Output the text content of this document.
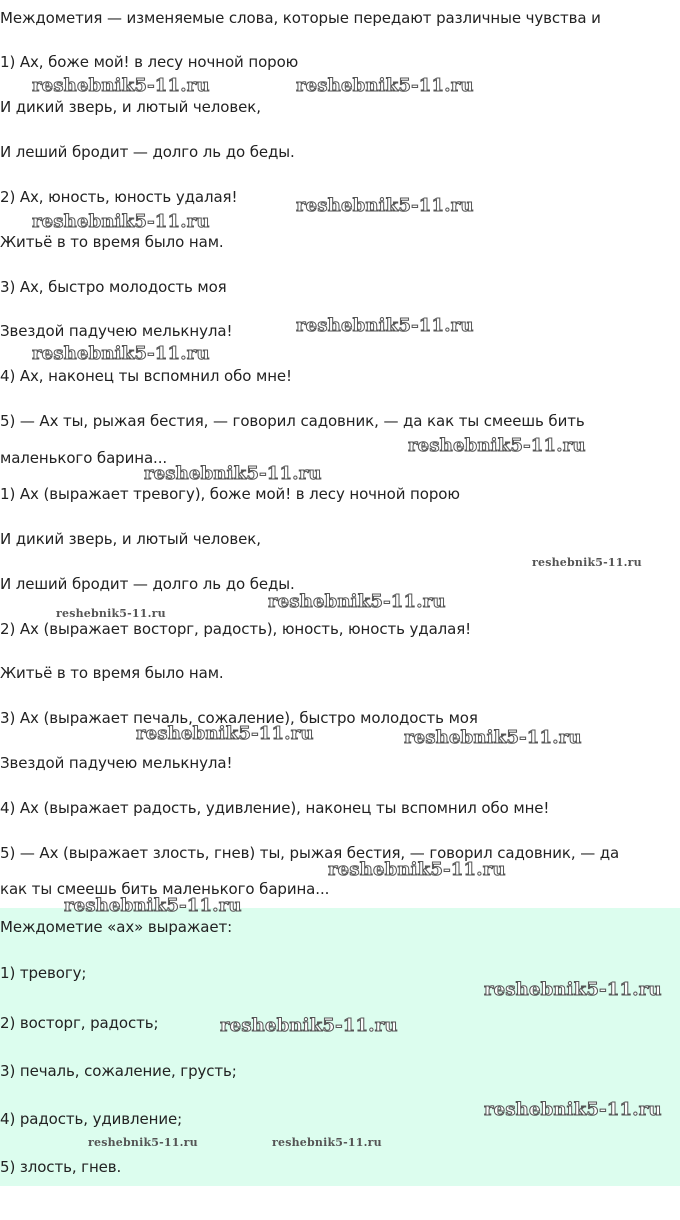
Междометия — изменяемые слова, которые передают различные чувства и
1) Ах, боже мой! в лесу ночной порою
И дикий зверь, и лютый человек,
И леший бродит — долго ль до беды.
2) Ах, юность, юность удалая!
Житьё в то время было нам.
3) Ах, быстро молодость моя
Звездой падучею мелькнула!
4) Ах, наконец ты вспомнил обо мне!
5) — Ах ты, рыжая бестия, — говорил садовник, — да как ты смеешь бить
маленького барина...
1) Ах (выражает тревогу), боже мой! в лесу ночной порою
И дикий зверь, и лютый человек,
И леший бродит — долго ль до беды.
2) Ах (выражает восторг, радость), юность, юность удалая!
Житьё в то время было нам.
3) Ах (выражает печаль, сожаление), быстро молодость моя
Звездой падучею мелькнула!
4) Ах (выражает радость, удивление), наконец ты вспомнил обо мне!
5) — Ах (выражает злость, гнев) ты, рыжая бестия, — говорил садовник, — да
как ты смеешь бить маленького барина...
Междометие «ах» выражает:
1) тревогу;
2) восторг, радость;
3) печаль, сожаление, грусть;
4) радость, удивление;
5) злость, гнев.
reshebnik5-11.ru	reshebnik5-11.ru
reshebnik5-11.ru
reshebnik5-11.ru
reshebnik5-11.ru
reshebnik5-11.ru
reshebnik5-11.ru
reshebnik5-11.ru
reshebnik5-11.ru
reshebnik5-11.ru
reshebnik5-11.ru
reshebnik5-11.ru	reshebnik5-11.ru
reshebnik5-11.ru
reshebnik5-11.ru
reshebnik5-11.ru
reshebnik5-11.ru
reshebnik5-11.ru
reshebnik5-11.ru	reshebnik5-11.ru
